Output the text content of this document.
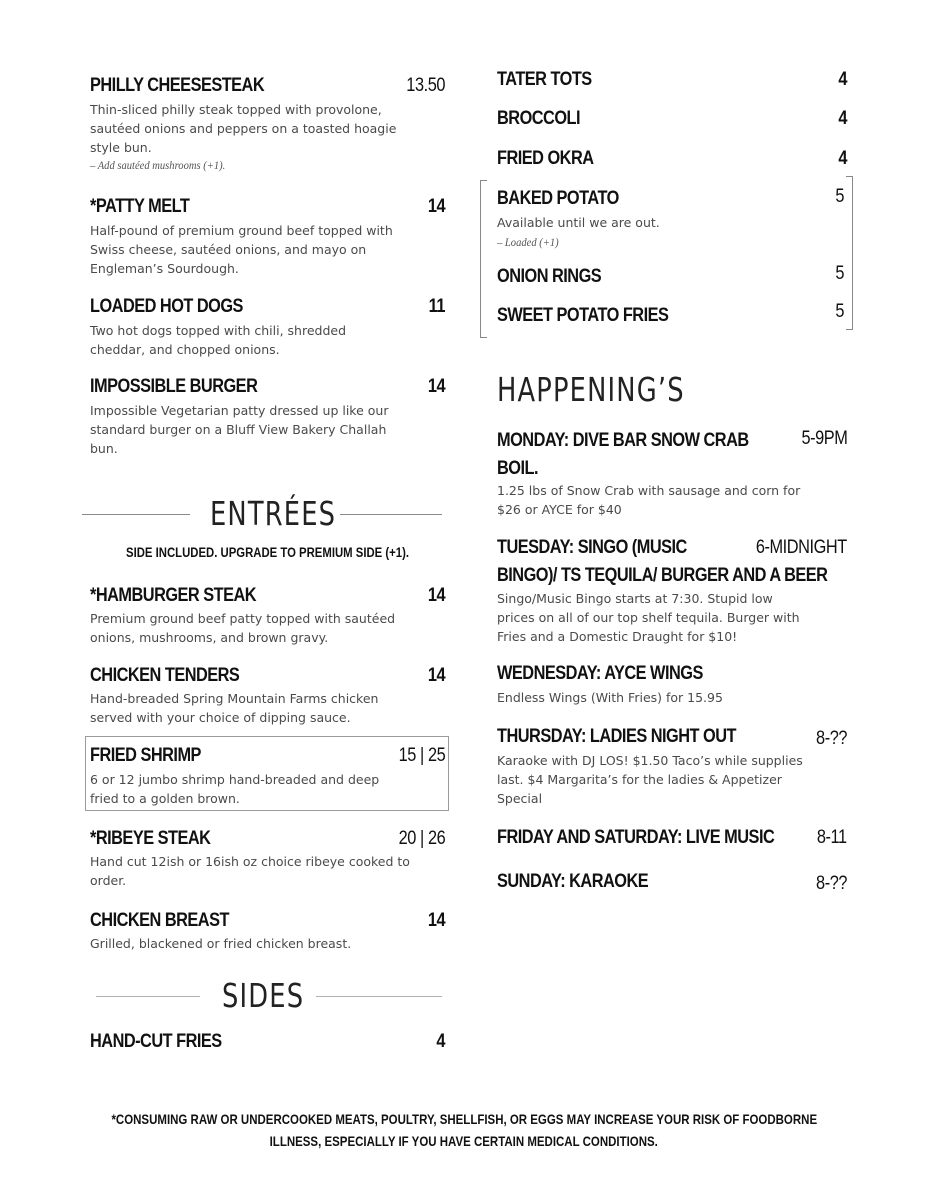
PHILLY CHEESESTEAK	13.50
Thin-sliced philly steak topped with provolone,
sautéed onions and peppers on a toasted hoagie
style bun.
– Add sautéed mushrooms (+1).
*PATTY MELT	14
Half-pound of premium ground beef topped with
Swiss cheese, sautéed onions, and mayo on
Engleman’s Sourdough.
LOADED HOT DOGS	11
Two hot dogs topped with chili, shredded
cheddar, and chopped onions.
IMPOSSIBLE BURGER	14
Impossible Vegetarian patty dressed up like our
standard burger on a Bluff View Bakery Challah
bun.
ENTRÉES
SIDE INCLUDED. UPGRADE TO PREMIUM SIDE (+1).
*HAMBURGER STEAK	14
Premium ground beef patty topped with sautéed
onions, mushrooms, and brown gravy.
CHICKEN TENDERS	14
Hand-breaded Spring Mountain Farms chicken
served with your choice of dipping sauce.
FRIED SHRIMP	15 | 25
6 or 12 jumbo shrimp hand-breaded and deep
fried to a golden brown.
*RIBEYE STEAK	20 | 26
Hand cut 12ish or 16ish oz choice ribeye cooked to
order.
CHICKEN BREAST	14
Grilled, blackened or fried chicken breast.
SIDES
HAND-CUT FRIES	4
TATER TOTS	4
BROCCOLI	4
FRIED OKRA	4
BAKED POTATO	5
Available until we are out.
– Loaded (+1)
ONION RINGS	5
SWEET POTATO FRIES	5
HAPPENING’S
MONDAY: DIVE BAR SNOW CRAB	5-9PM
BOIL.
1.25 lbs of Snow Crab with sausage and corn for
$26 or AYCE for $40
TUESDAY: SINGO (MUSIC	6-MIDNIGHT
BINGO)/ TS TEQUILA/ BURGER AND A BEER
Singo/Music Bingo starts at 7:30. Stupid low
prices on all of our top shelf tequila. Burger with
Fries and a Domestic Draught for $10!
WEDNESDAY: AYCE WINGS
Endless Wings (With Fries) for 15.95
THURSDAY: LADIES NIGHT OUT	8-??
Karaoke with DJ LOS! $1.50 Taco’s while supplies
last. $4 Margarita’s for the ladies & Appetizer
Special
FRIDAY AND SATURDAY: LIVE MUSIC 8-11
SUNDAY: KARAOKE	8-??
*CONSUMING RAW OR UNDERCOOKED MEATS, POULTRY, SHELLFISH, OR EGGS MAY INCREASE YOUR RISK OF FOODBORNE
ILLNESS, ESPECIALLY IF YOU HAVE CERTAIN MEDICAL CONDITIONS.
